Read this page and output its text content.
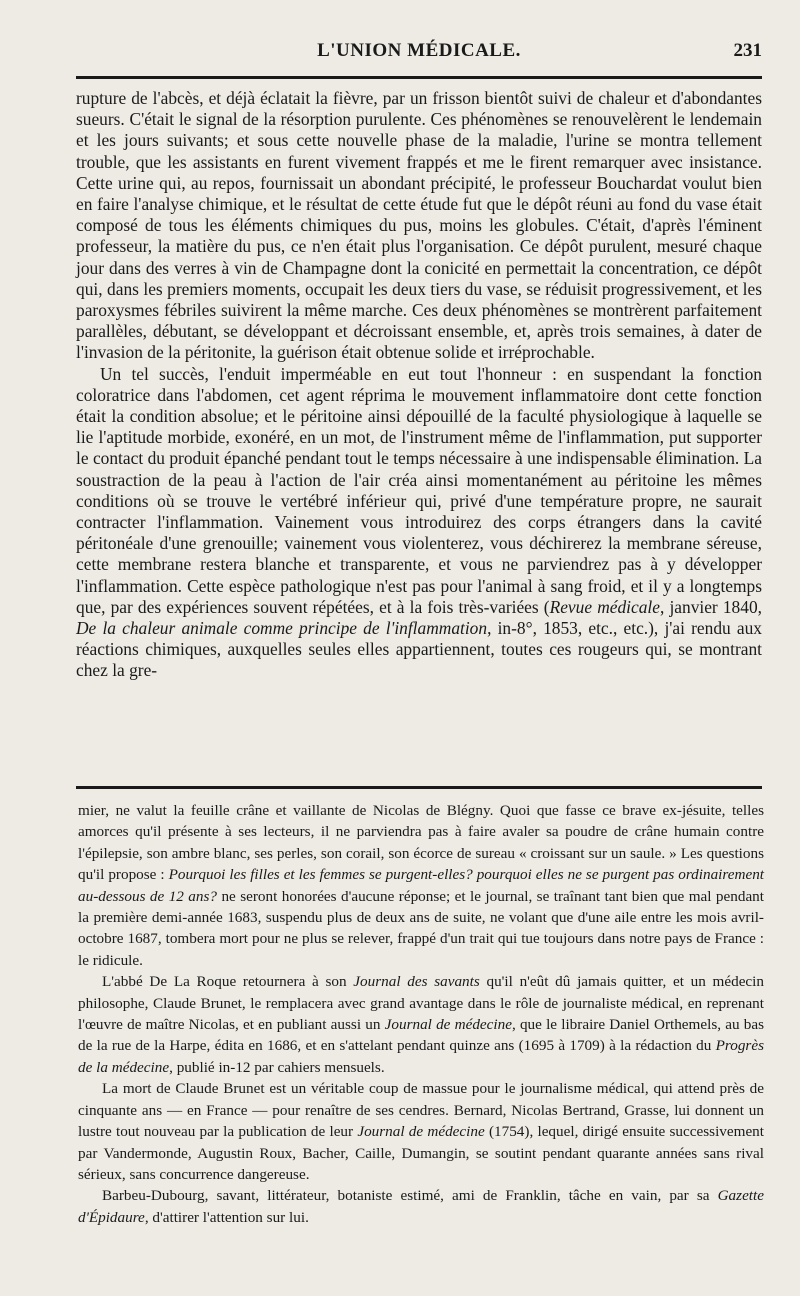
L'UNION MÉDICALE.	231

rupture de l'abcès, et déjà éclatait la fièvre, par un frisson bientôt suivi de chaleur et d'abondantes sueurs. C'était le signal de la résorption purulente. Ces phénomènes se renouvelèrent le lendemain et les jours suivants; et sous cette nouvelle phase de la maladie, l'urine se montra tellement trouble, que les assistants en furent vivement frappés et me le firent remarquer avec insistance. Cette urine qui, au repos, fournissait un abondant précipité, le professeur Bouchardat voulut bien en faire l'analyse chimique, et le résultat de cette étude fut que le dépôt réuni au fond du vase était composé de tous les éléments chimiques du pus, moins les globules. C'était, d'après l'éminent professeur, la matière du pus, ce n'en était plus l'organisation. Ce dépôt purulent, mesuré chaque jour dans des verres à vin de Champagne dont la conicité en permettait la concentration, ce dépôt qui, dans les premiers moments, occupait les deux tiers du vase, se réduisit progressivement, et les paroxysmes fébriles suivirent la même marche. Ces deux phénomènes se montrèrent parfaitement parallèles, débutant, se développant et décroissant ensemble, et, après trois semaines, à dater de l'invasion de la péritonite, la guérison était obtenue solide et irréprochable.

Un tel succès, l'enduit imperméable en eut tout l'honneur : en suspendant la fonction coloratrice dans l'abdomen, cet agent réprima le mouvement inflammatoire dont cette fonction était la condition absolue; et le péritoine ainsi dépouillé de la faculté physiologique à laquelle se lie l'aptitude morbide, exonéré, en un mot, de l'instrument même de l'inflammation, put supporter le contact du produit épanché pendant tout le temps nécessaire à une indispensable élimination. La soustraction de la peau à l'action de l'air créa ainsi momentanément au péritoine les mêmes conditions où se trouve le vertébré inférieur qui, privé d'une température propre, ne saurait contracter l'inflammation. Vainement vous introduirez des corps étrangers dans la cavité péritonéale d'une grenouille; vainement vous violenterez, vous déchirerez la membrane séreuse, cette membrane restera blanche et transparente, et vous ne parviendrez pas à y développer l'inflammation. Cette espèce pathologique n'est pas pour l'animal à sang froid, et il y a longtemps que, par des expériences souvent répétées, et à la fois très-variées (Revue médicale, janvier 1840, De la chaleur animale comme principe de l'inflammation, in-8°, 1853, etc., etc.), j'ai rendu aux réactions chimiques, auxquelles seules elles appartiennent, toutes ces rougeurs qui, se montrant chez la gre-

mier, ne valut la feuille crâne et vaillante de Nicolas de Blégny. Quoi que fasse ce brave ex-jésuite, telles amorces qu'il présente à ses lecteurs, il ne parviendra pas à faire avaler sa poudre de crâne humain contre l'épilepsie, son ambre blanc, ses perles, son corail, son écorce de sureau « croissant sur un saule. » Les questions qu'il propose : Pourquoi les filles et les femmes se purgent-elles? pourquoi elles ne se purgent pas ordinairement au-dessous de 12 ans? ne seront honorées d'aucune réponse; et le journal, se traînant tant bien que mal pendant la première demi-année 1683, suspendu plus de deux ans de suite, ne volant que d'une aile entre les mois avril-octobre 1687, tombera mort pour ne plus se relever, frappé d'un trait qui tue toujours dans notre pays de France : le ridicule.

L'abbé De La Roque retournera à son Journal des savants qu'il n'eût dû jamais quitter, et un médecin philosophe, Claude Brunet, le remplacera avec grand avantage dans le rôle de journaliste médical, en reprenant l'œuvre de maître Nicolas, et en publiant aussi un Journal de médecine, que le libraire Daniel Orthemels, au bas de la rue de la Harpe, édita en 1686, et en s'attelant pendant quinze ans (1695 à 1709) à la rédaction du Progrès de la médecine, publié in-12 par cahiers mensuels.

La mort de Claude Brunet est un véritable coup de massue pour le journalisme médical, qui attend près de cinquante ans — en France — pour renaître de ses cendres. Bernard, Nicolas Bertrand, Grasse, lui donnent un lustre tout nouveau par la publication de leur Journal de médecine (1754), lequel, dirigé ensuite successivement par Vandermonde, Augustin Roux, Bacher, Caille, Dumangin, se soutint pendant quarante années sans rival sérieux, sans concurrence dangereuse.

Barbeu-Dubourg, savant, littérateur, botaniste estimé, ami de Franklin, tâche en vain, par sa Gazette d'Épidaure, d'attirer l'attention sur lui.
